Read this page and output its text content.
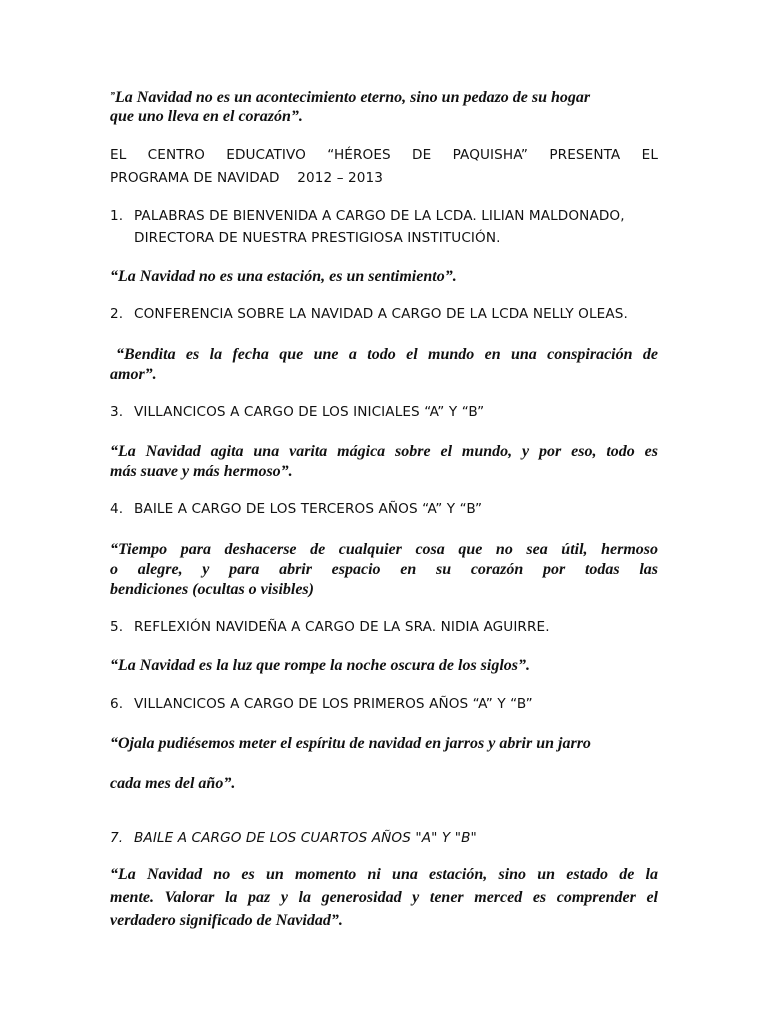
”La Navidad no es un acontecimiento eterno, sino un pedazo de su hogar

que uno lleva en el corazón”.

EL CENTRO EDUCATIVO “HÉROES DE PAQUISHA” PRESENTA EL

PROGRAMA DE NAVIDAD    2012 – 2013

1. PALABRAS DE BIENVENIDA A CARGO DE LA LCDA. LILIAN MALDONADO,

DIRECTORA DE NUESTRA PRESTIGIOSA INSTITUCIÓN.

“La Navidad no es una estación, es un sentimiento”.

2. CONFERENCIA SOBRE LA NAVIDAD A CARGO DE LA LCDA NELLY OLEAS.

“Bendita es la fecha que une a todo el mundo en una conspiración de

amor”.

3. VILLANCICOS A CARGO DE LOS INICIALES “A” Y “B”

“La Navidad agita una varita mágica sobre el mundo, y por eso, todo es

más suave y más hermoso”.

4. BAILE A CARGO DE LOS TERCEROS AÑOS “A” Y “B”

“Tiempo para deshacerse de cualquier cosa que no sea útil, hermoso

o alegre, y para abrir espacio en su corazón por todas las

bendiciones (ocultas o visibles)

5. REFLEXIÓN NAVIDEÑA A CARGO DE LA SRA. NIDIA AGUIRRE.

“La Navidad es la luz que rompe la noche oscura de los siglos”.

6. VILLANCICOS A CARGO DE LOS PRIMEROS AÑOS “A” Y “B”

“Ojala pudiésemos meter el espíritu de navidad en jarros y abrir un jarro

cada mes del año”.

7. BAILE A CARGO DE LOS CUARTOS AÑOS "A" Y "B"

“La Navidad no es un momento ni una estación, sino un estado de la

mente. Valorar la paz y la generosidad y tener merced es comprender el

verdadero significado de Navidad”.
